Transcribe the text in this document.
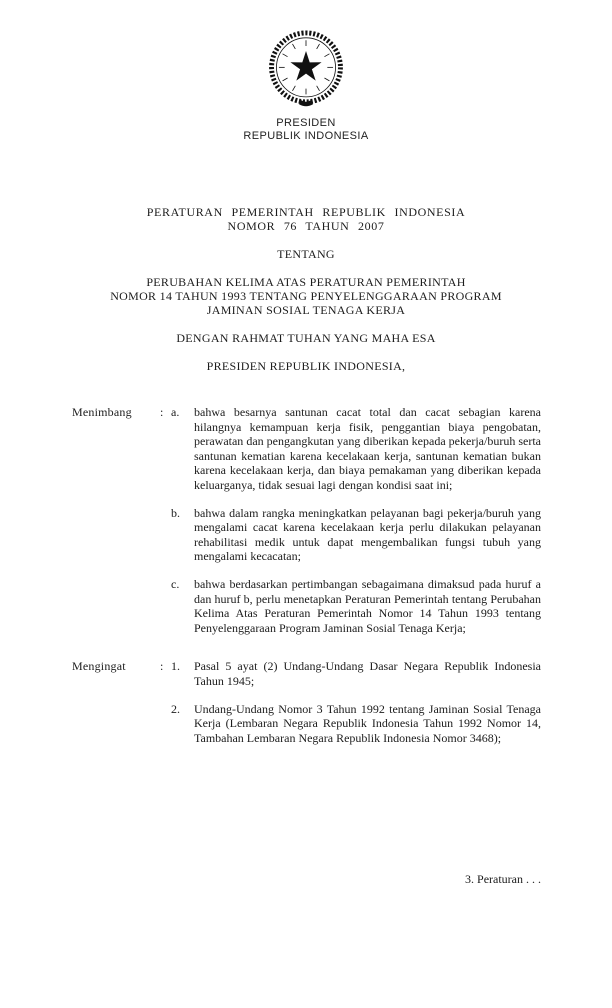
PRESIDEN
REPUBLIK INDONESIA
PERATURAN PEMERINTAH REPUBLIK INDONESIA
NOMOR 76 TAHUN 2007
TENTANG
PERUBAHAN KELIMA ATAS PERATURAN PEMERINTAH
NOMOR 14 TAHUN 1993 TENTANG PENYELENGGARAAN PROGRAM
JAMINAN SOSIAL TENAGA KERJA
DENGAN RAHMAT TUHAN YANG MAHA ESA
PRESIDEN REPUBLIK INDONESIA,
Menimbang	: a.	bahwa besarnya santunan cacat total dan cacat sebagian karena hilangnya kemampuan kerja fisik, penggantian biaya pengobatan, perawatan dan pengangkutan yang diberikan kepada pekerja/buruh serta santunan kematian karena kecelakaan kerja, santunan kematian bukan karena kecelakaan kerja, dan biaya pemakaman yang diberikan kepada keluarganya, tidak sesuai lagi dengan kondisi saat ini;
b.	bahwa dalam rangka meningkatkan pelayanan bagi pekerja/buruh yang mengalami cacat karena kecelakaan kerja perlu dilakukan pelayanan rehabilitasi medik untuk dapat mengembalikan fungsi tubuh yang mengalami kecacatan;
c.	bahwa berdasarkan pertimbangan sebagaimana dimaksud pada huruf a dan huruf b, perlu menetapkan Peraturan Pemerintah tentang Perubahan Kelima Atas Peraturan Pemerintah Nomor 14 Tahun 1993 tentang Penyelenggaraan Program Jaminan Sosial Tenaga Kerja;
Mengingat	: 1.	Pasal 5 ayat (2) Undang-Undang Dasar Negara Republik Indonesia Tahun 1945;
2.	Undang-Undang Nomor 3 Tahun 1992 tentang Jaminan Sosial Tenaga Kerja (Lembaran Negara Republik Indonesia Tahun 1992 Nomor 14, Tambahan Lembaran Negara Republik Indonesia Nomor 3468);
3. Peraturan . . .
